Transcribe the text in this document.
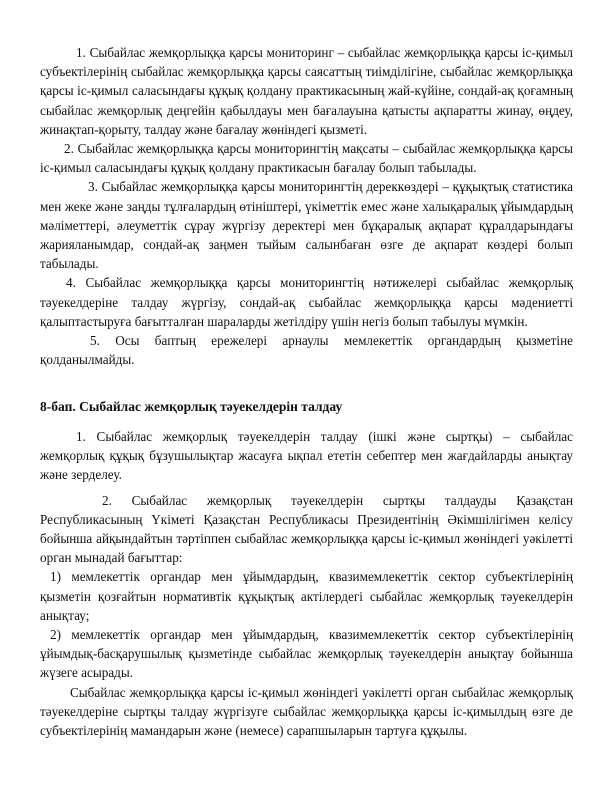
1. Сыбайлас жемқорлыққа қарсы мониторинг – сыбайлас жемқорлыққа қарсы іс-қимыл субъектілерінің сыбайлас жемқорлыққа қарсы саясаттың тиімділігіне, сыбайлас жемқорлыққа қарсы іс-қимыл саласындағы құқық қолдану практикасының жай-күйіне, сондай-ақ қоғамның сыбайлас жемқорлық деңгейін қабылдауы мен бағалауына қатысты ақпаратты жинау, өңдеу, жинақтап-қорыту, талдау және бағалау жөніндегі қызметі.

2. Сыбайлас жемқорлыққа қарсы мониторингтің мақсаты – сыбайлас жемқорлыққа қарсы іс-қимыл саласындағы құқық қолдану практикасын бағалау болып табылады.

3. Сыбайлас жемқорлыққа қарсы мониторингтің дереккөздері – құқықтық статистика мен жеке және заңды тұлғалардың өтініштері, үкіметтік емес және халықаралық ұйымдардың мәліметтері, әлеуметтік сұрау жүргізу деректері мен бұқаралық ақпарат құралдарындағы жарияланымдар, сондай-ақ заңмен тыйым салынбаған өзге де ақпарат көздері болып табылады.

4. Сыбайлас жемқорлыққа қарсы мониторингтің нәтижелері сыбайлас жемқорлық тәуекелдеріне талдау жүргізу, сондай-ақ сыбайлас жемқорлыққа қарсы мәдениетті қалыптастыруға бағытталған шараларды жетілдіру үшін негіз болып табылуы мүмкін.

5. Осы баптың ережелері арнаулы мемлекеттік органдардың қызметіне қолданылмайды.

8-бап. Сыбайлас жемқорлық тәуекелдерін талдау

1. Сыбайлас жемқорлық тәуекелдерін талдау (ішкі және сыртқы) – сыбайлас жемқорлық құқық бұзушылықтар жасауға ықпал ететін себептер мен жағдайларды анықтау және зерделеу.

2. Сыбайлас жемқорлық тәуекелдерін сыртқы талдауды Қазақстан Республикасының Үкіметі Қазақстан Республикасы Президентінің Әкімшілігімен келісу бойынша айқындайтын тәртіппен сыбайлас жемқорлыққа қарсы іс-қимыл жөніндегі уәкілетті орган мынадай бағыттар:

1) мемлекеттік органдар мен ұйымдардың, квазимемлекеттік сектор субъектілерінің қызметін қозғайтын нормативтік құқықтық актілердегі сыбайлас жемқорлық тәуекелдерін анықтау;

2) мемлекеттік органдар мен ұйымдардың, квазимемлекеттік сектор субъектілерінің ұйымдық-басқарушылық қызметінде сыбайлас жемқорлық тәуекелдерін анықтау бойынша жүзеге асырады.

Сыбайлас жемқорлыққа қарсы іс-қимыл жөніндегі уәкілетті орган сыбайлас жемқорлық тәуекелдеріне сыртқы талдау жүргізуге сыбайлас жемқорлыққа қарсы іс-қимылдың өзге де субъектілерінің мамандарын және (немесе) сарапшыларын тартуға құқылы.
